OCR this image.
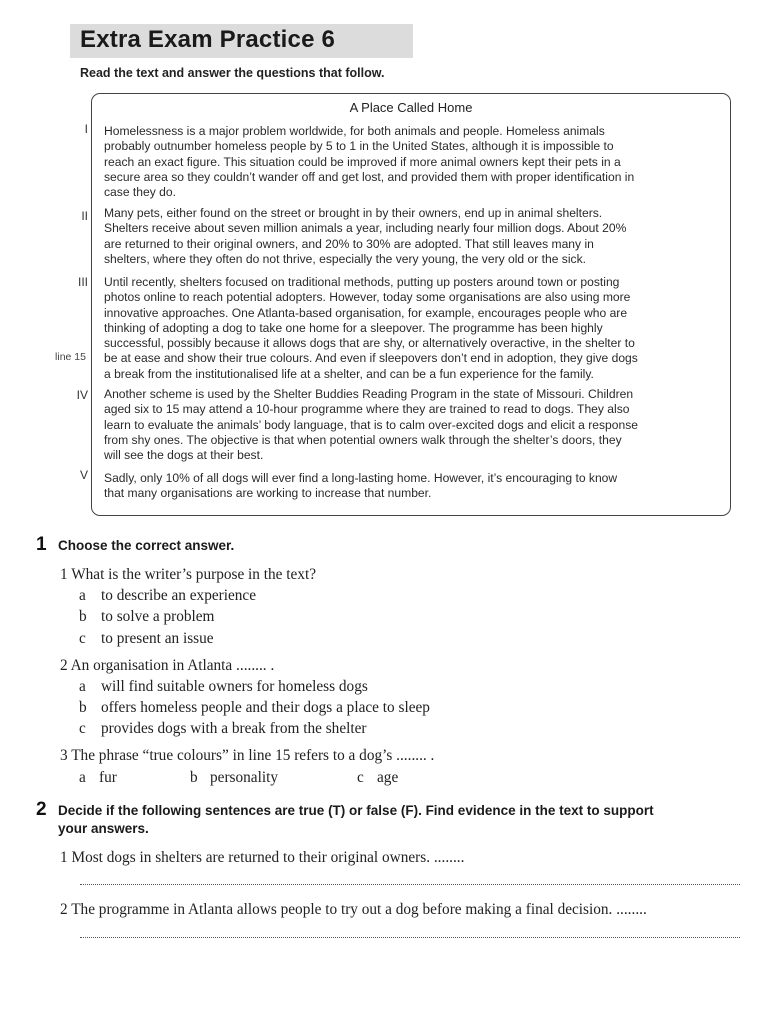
Extra Exam Practice 6
Read the text and answer the questions that follow.
A Place Called Home
I Homelessness is a major problem worldwide, for both animals and people. Homeless animals
probably outnumber homeless people by 5 to 1 in the United States, although it is impossible to
reach an exact figure. This situation could be improved if more animal owners kept their pets in a
secure area so they couldn’t wander off and get lost, and provided them with proper identification in
case they do.
II Many pets, either found on the street or brought in by their owners, end up in animal shelters.
Shelters receive about seven million animals a year, including nearly four million dogs. About 20%
are returned to their original owners, and 20% to 30% are adopted. That still leaves many in
shelters, where they often do not thrive, especially the very young, the very old or the sick.
III Until recently, shelters focused on traditional methods, putting up posters around town or posting
photos online to reach potential adopters. However, today some organisations are also using more
innovative approaches. One Atlanta-based organisation, for example, encourages people who are
thinking of adopting a dog to take one home for a sleepover. The programme has been highly
successful, possibly because it allows dogs that are shy, or alternatively overactive, in the shelter to
be at ease and show their true colours. And even if sleepovers don’t end in adoption, they give dogs
a break from the institutionalised life at a shelter, and can be a fun experience for the family.
line 15
IV Another scheme is used by the Shelter Buddies Reading Program in the state of Missouri. Children
aged six to 15 may attend a 10-hour programme where they are trained to read to dogs. They also
learn to evaluate the animals’ body language, that is to calm over-excited dogs and elicit a response
from shy ones. The objective is that when potential owners walk through the shelter’s doors, they
will see the dogs at their best.
V Sadly, only 10% of all dogs will ever find a long-lasting home. However, it’s encouraging to know
that many organisations are working to increase that number.
1 Choose the correct answer.
1 What is the writer’s purpose in the text?
a to describe an experience
b to solve a problem
c to present an issue
2 An organisation in Atlanta ........ .
a will find suitable owners for homeless dogs
b offers homeless people and their dogs a place to sleep
c provides dogs with a break from the shelter
3 The phrase “true colours” in line 15 refers to a dog’s ........ .
a fur	b personality	c age
2 Decide if the following sentences are true (T) or false (F). Find evidence in the text to support
your answers.
1 Most dogs in shelters are returned to their original owners. ........
2 The programme in Atlanta allows people to try out a dog before making a final decision. ........
